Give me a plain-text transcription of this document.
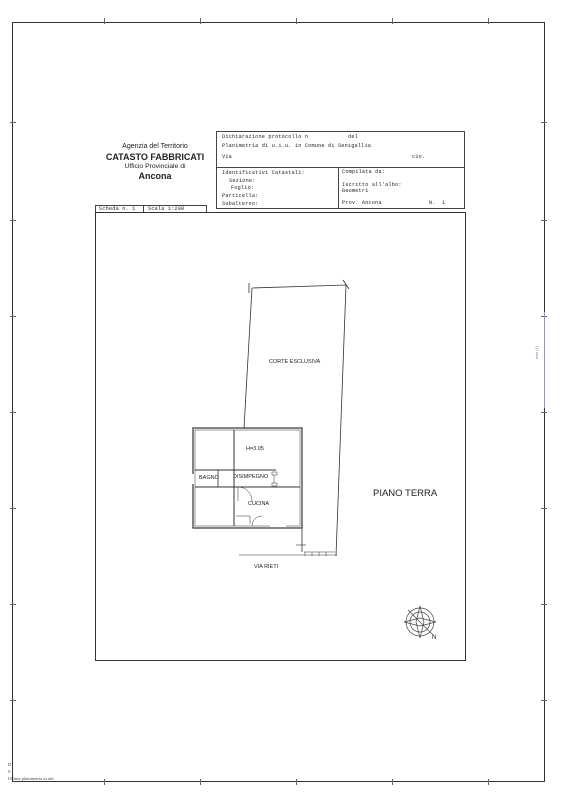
mm (1)
Agenzia del Territorio
CATASTO FABBRICATI
Ufficio Provinciale di
Ancona
Dichiarazione protocollo n	del
Planimetria di u.i.u. in Comune di Senigallia
Via	civ.
Identificativi Catastali:
Sezione:
Foglio:
Particella:
Subalterno:
Compilata da:
Iscritto all'albo:
Geometri
Prov. Ancona	N. 1
Scheda n. 1 Scala 1:200
CORTE ESCLUSIVA
H=3.05
BAGNO	DISIMPEGNO
CUCINA
PIANO TERRA
VIA RIETI
N
D
S
Ultima planimetria in atti
